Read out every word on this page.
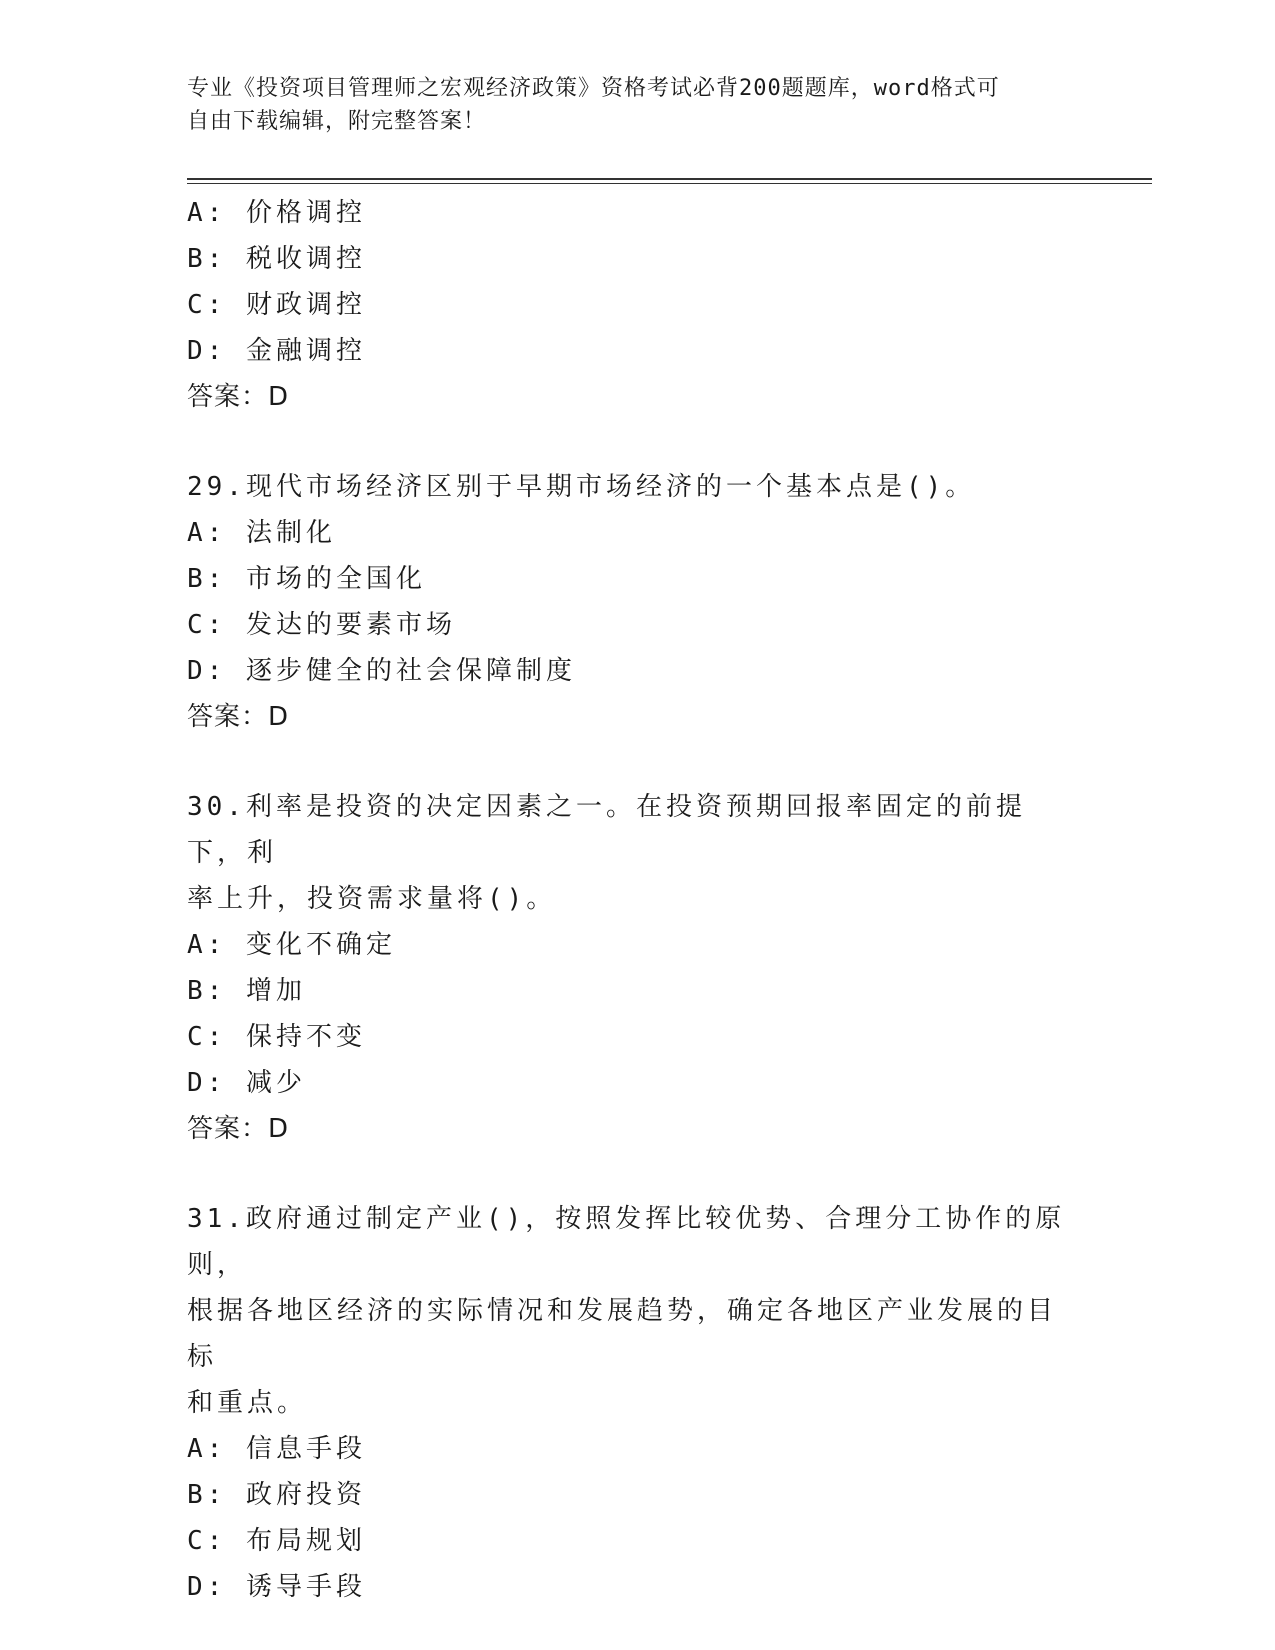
专业《投资项目管理师之宏观经济政策》资格考试必背200题题库，word格式可
自由下载编辑，附完整答案！
A: 价格调控
B: 税收调控
C: 财政调控
D: 金融调控
答案：D
29.现代市场经济区别于早期市场经济的一个基本点是()。
A: 法制化
B: 市场的全国化
C: 发达的要素市场
D: 逐步健全的社会保障制度
答案：D
30.利率是投资的决定因素之一。在投资预期回报率固定的前提下，利
率上升，投资需求量将()。
A: 变化不确定
B: 增加
C: 保持不变
D: 减少
答案：D
31.政府通过制定产业()，按照发挥比较优势、合理分工协作的原则，
根据各地区经济的实际情况和发展趋势，确定各地区产业发展的目标
和重点。
A: 信息手段
B: 政府投资
C: 布局规划
D: 诱导手段
